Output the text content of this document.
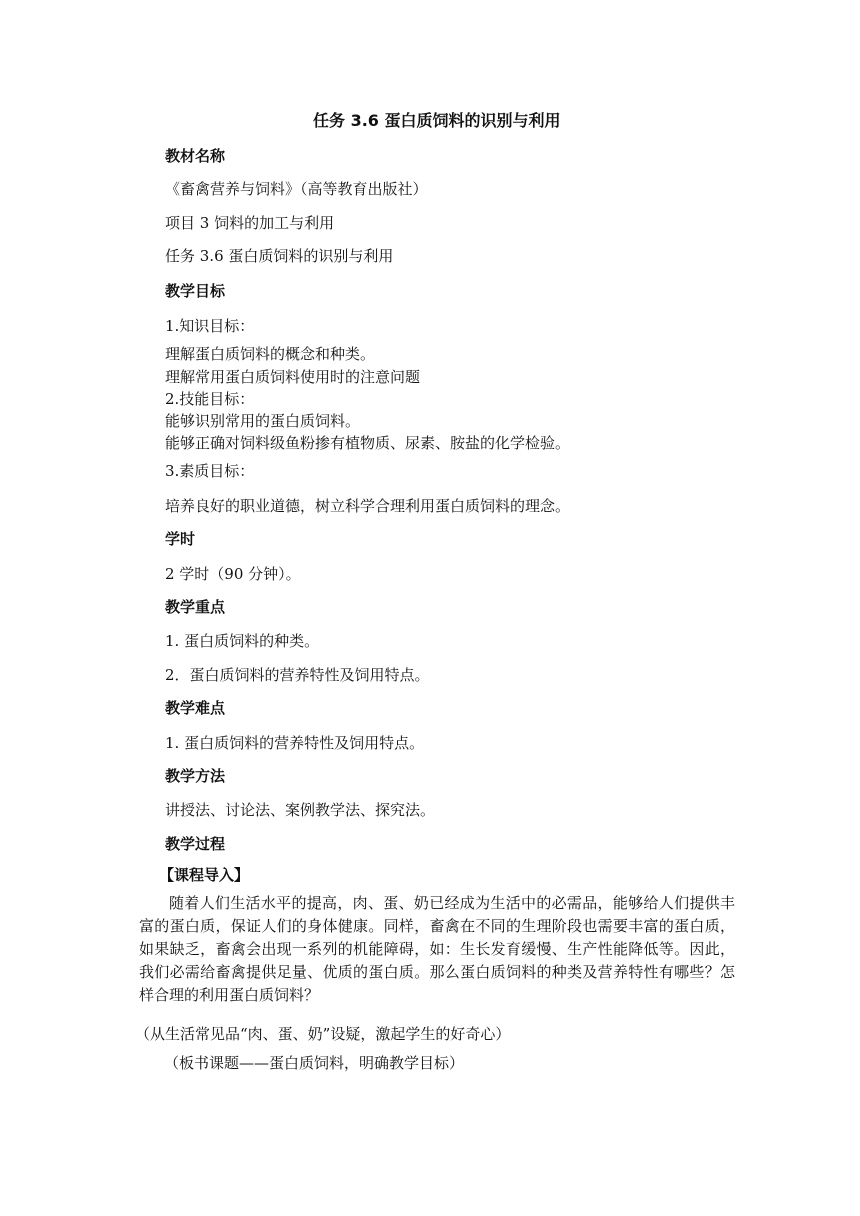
任务 3.6 蛋白质饲料的识别与利用
教材名称
《畜禽营养与饲料》（高等教育出版社）
项目 3 饲料的加工与利用
任务 3.6 蛋白质饲料的识别与利用
教学目标
1.知识目标：
理解蛋白质饲料的概念和种类。
理解常用蛋白质饲料使用时的注意问题
2.技能目标：
能够识别常用的蛋白质饲料。
能够正确对饲料级鱼粉掺有植物质、尿素、胺盐的化学检验。
3.素质目标：
培养良好的职业道德，树立科学合理利用蛋白质饲料的理念。
学时
2 学时（90 分钟）。
教学重点
1. 蛋白质饲料的种类。
2．蛋白质饲料的营养特性及饲用特点。
教学难点
1. 蛋白质饲料的营养特性及饲用特点。
教学方法
讲授法、讨论法、案例教学法、探究法。
教学过程
【课程导入】
随着人们生活水平的提高，肉、蛋、奶已经成为生活中的必需品，能够给人们提供丰富的蛋白质，保证人们的身体健康。同样，畜禽在不同的生理阶段也需要丰富的蛋白质，如果缺乏，畜禽会出现一系列的机能障碍，如：生长发育缓慢、生产性能降低等。因此，我们必需给畜禽提供足量、优质的蛋白质。那么蛋白质饲料的种类及营养特性有哪些？怎样合理的利用蛋白质饲料？
（从生活常见品“肉、蛋、奶”设疑，激起学生的好奇心）
（板书课题——蛋白质饲料，明确教学目标）
